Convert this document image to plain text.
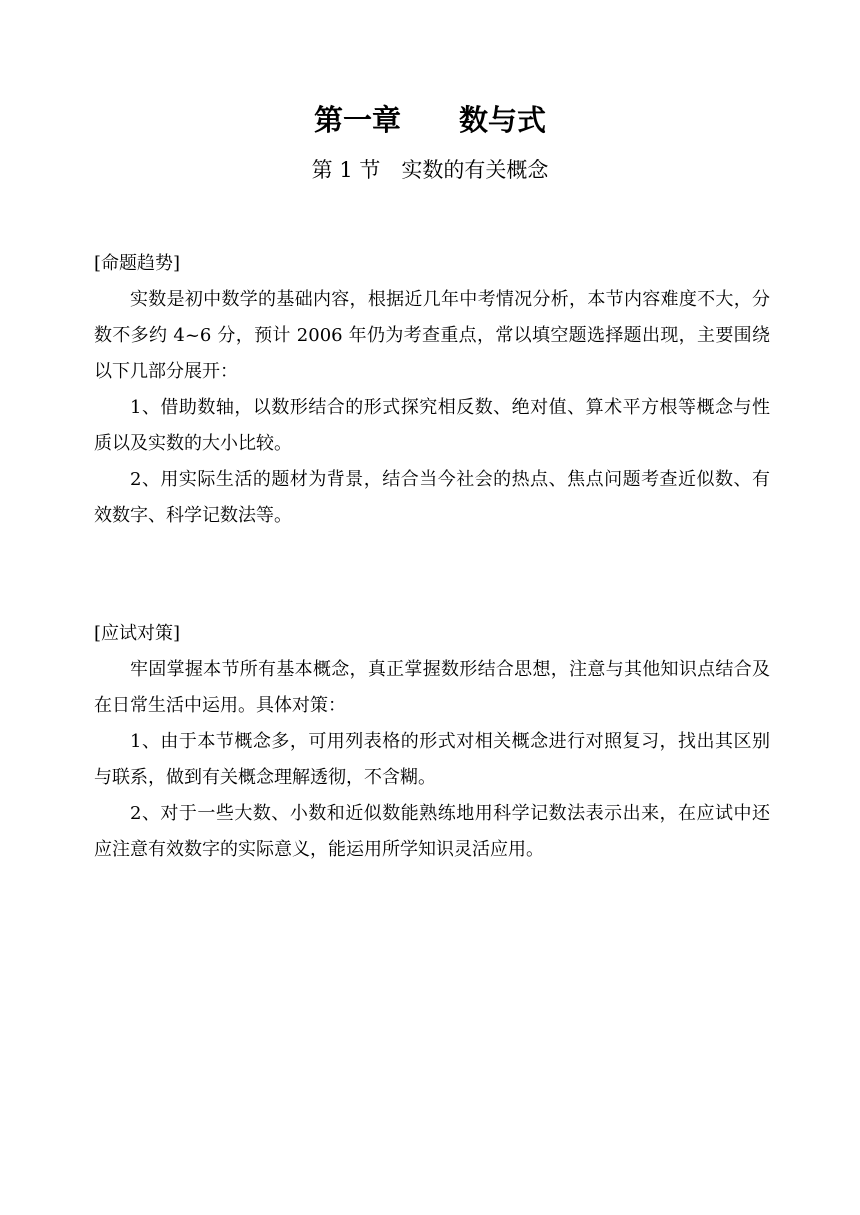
第一章　　数与式
第 1 节　实数的有关概念
[命题趋势]

实数是初中数学的基础内容，根据近几年中考情况分析，本节内容难度不大，分数不多约 4~6 分，预计 2006 年仍为考查重点，常以填空题选择题出现，主要围绕以下几部分展开：

1、借助数轴，以数形结合的形式探究相反数、绝对值、算术平方根等概念与性质以及实数的大小比较。

2、用实际生活的题材为背景，结合当今社会的热点、焦点问题考查近似数、有效数字、科学记数法等。

[应试对策]

牢固掌握本节所有基本概念，真正掌握数形结合思想，注意与其他知识点结合及在日常生活中运用。具体对策：

1、由于本节概念多，可用列表格的形式对相关概念进行对照复习，找出其区别与联系，做到有关概念理解透彻，不含糊。

2、对于一些大数、小数和近似数能熟练地用科学记数法表示出来，在应试中还应注意有效数字的实际意义，能运用所学知识灵活应用。
